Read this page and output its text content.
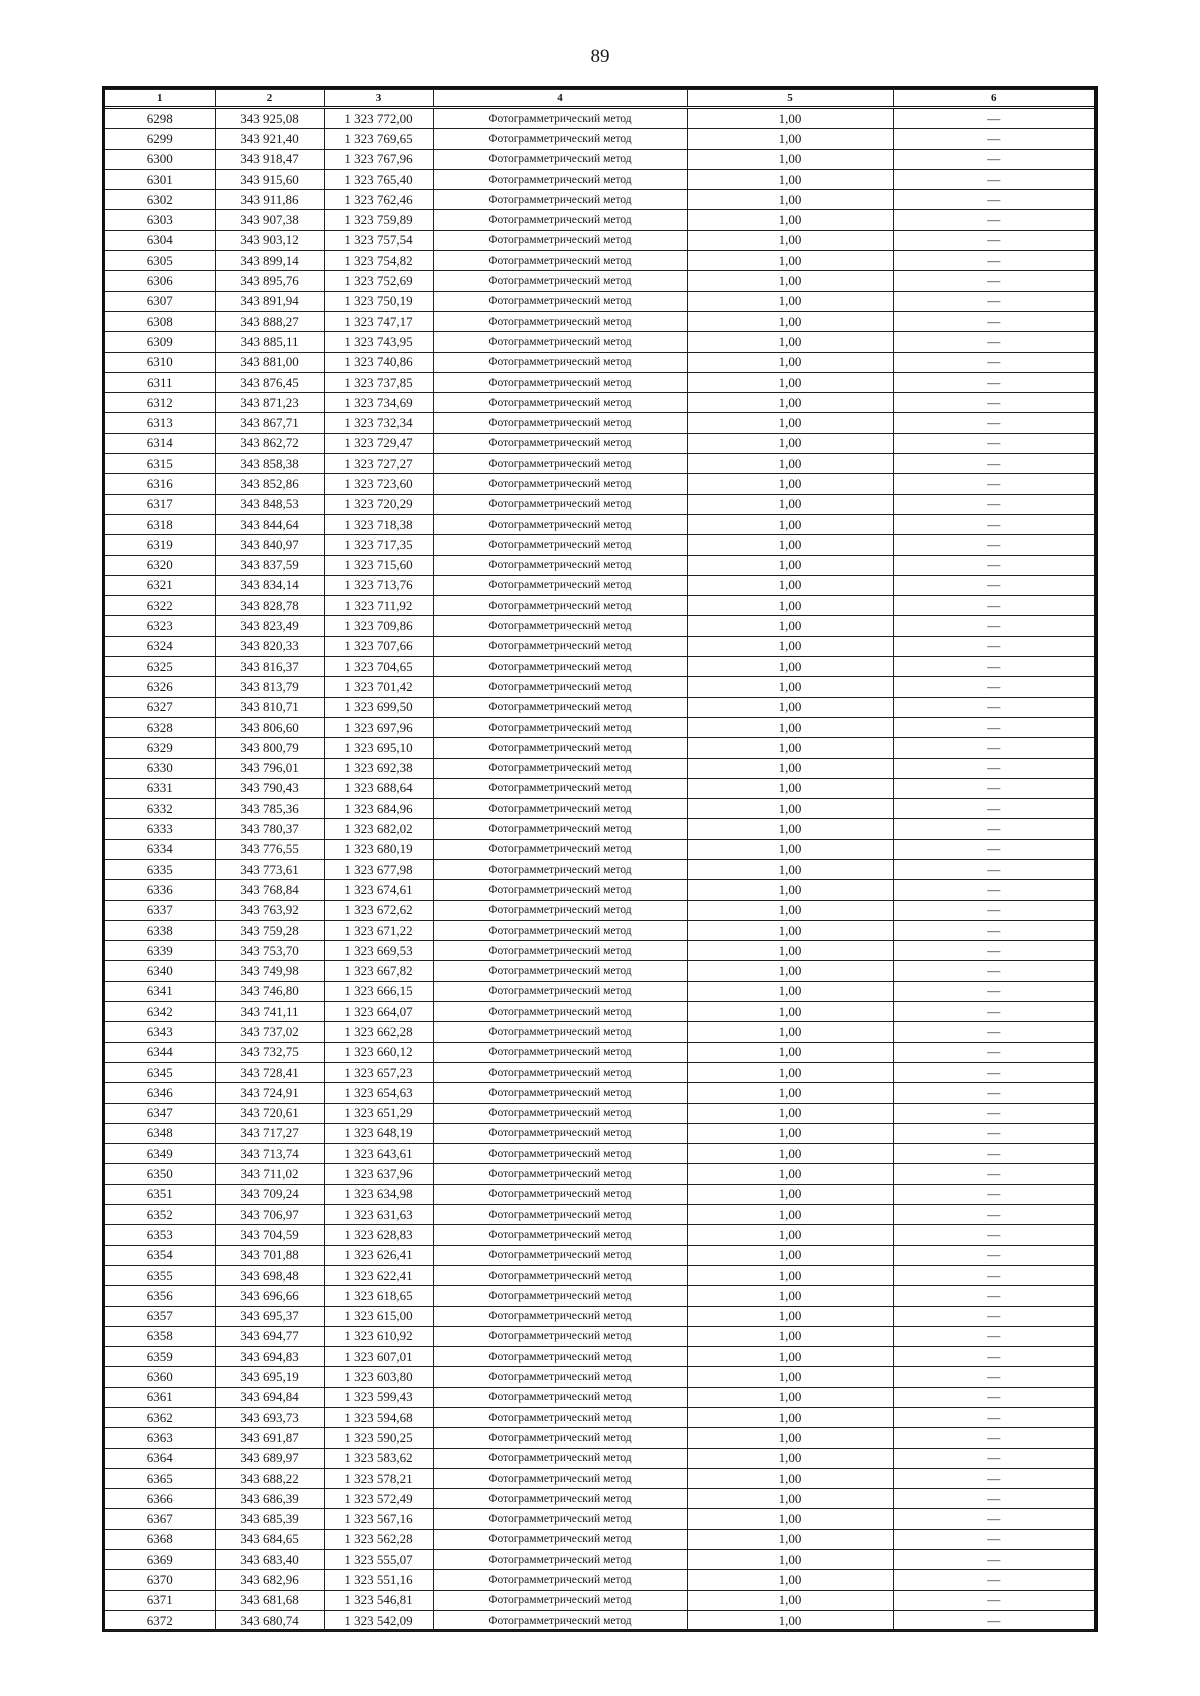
89
1	2	3	4	5	6
6298	343 925,08	1 323 772,00	Фотограмметрический метод	1,00	—
6299	343 921,40	1 323 769,65	Фотограмметрический метод	1,00	—
6300	343 918,47	1 323 767,96	Фотограмметрический метод	1,00	—
6301	343 915,60	1 323 765,40	Фотограмметрический метод	1,00	—
6302	343 911,86	1 323 762,46	Фотограмметрический метод	1,00	—
6303	343 907,38	1 323 759,89	Фотограмметрический метод	1,00	—
6304	343 903,12	1 323 757,54	Фотограмметрический метод	1,00	—
6305	343 899,14	1 323 754,82	Фотограмметрический метод	1,00	—
6306	343 895,76	1 323 752,69	Фотограмметрический метод	1,00	—
6307	343 891,94	1 323 750,19	Фотограмметрический метод	1,00	—
6308	343 888,27	1 323 747,17	Фотограмметрический метод	1,00	—
6309	343 885,11	1 323 743,95	Фотограмметрический метод	1,00	—
6310	343 881,00	1 323 740,86	Фотограмметрический метод	1,00	—
6311	343 876,45	1 323 737,85	Фотограмметрический метод	1,00	—
6312	343 871,23	1 323 734,69	Фотограмметрический метод	1,00	—
6313	343 867,71	1 323 732,34	Фотограмметрический метод	1,00	—
6314	343 862,72	1 323 729,47	Фотограмметрический метод	1,00	—
6315	343 858,38	1 323 727,27	Фотограмметрический метод	1,00	—
6316	343 852,86	1 323 723,60	Фотограмметрический метод	1,00	—
6317	343 848,53	1 323 720,29	Фотограмметрический метод	1,00	—
6318	343 844,64	1 323 718,38	Фотограмметрический метод	1,00	—
6319	343 840,97	1 323 717,35	Фотограмметрический метод	1,00	—
6320	343 837,59	1 323 715,60	Фотограмметрический метод	1,00	—
6321	343 834,14	1 323 713,76	Фотограмметрический метод	1,00	—
6322	343 828,78	1 323 711,92	Фотограмметрический метод	1,00	—
6323	343 823,49	1 323 709,86	Фотограмметрический метод	1,00	—
6324	343 820,33	1 323 707,66	Фотограмметрический метод	1,00	—
6325	343 816,37	1 323 704,65	Фотограмметрический метод	1,00	—
6326	343 813,79	1 323 701,42	Фотограмметрический метод	1,00	—
6327	343 810,71	1 323 699,50	Фотограмметрический метод	1,00	—
6328	343 806,60	1 323 697,96	Фотограмметрический метод	1,00	—
6329	343 800,79	1 323 695,10	Фотограмметрический метод	1,00	—
6330	343 796,01	1 323 692,38	Фотограмметрический метод	1,00	—
6331	343 790,43	1 323 688,64	Фотограмметрический метод	1,00	—
6332	343 785,36	1 323 684,96	Фотограмметрический метод	1,00	—
6333	343 780,37	1 323 682,02	Фотограмметрический метод	1,00	—
6334	343 776,55	1 323 680,19	Фотограмметрический метод	1,00	—
6335	343 773,61	1 323 677,98	Фотограмметрический метод	1,00	—
6336	343 768,84	1 323 674,61	Фотограмметрический метод	1,00	—
6337	343 763,92	1 323 672,62	Фотограмметрический метод	1,00	—
6338	343 759,28	1 323 671,22	Фотограмметрический метод	1,00	—
6339	343 753,70	1 323 669,53	Фотограмметрический метод	1,00	—
6340	343 749,98	1 323 667,82	Фотограмметрический метод	1,00	—
6341	343 746,80	1 323 666,15	Фотограмметрический метод	1,00	—
6342	343 741,11	1 323 664,07	Фотограмметрический метод	1,00	—
6343	343 737,02	1 323 662,28	Фотограмметрический метод	1,00	—
6344	343 732,75	1 323 660,12	Фотограмметрический метод	1,00	—
6345	343 728,41	1 323 657,23	Фотограмметрический метод	1,00	—
6346	343 724,91	1 323 654,63	Фотограмметрический метод	1,00	—
6347	343 720,61	1 323 651,29	Фотограмметрический метод	1,00	—
6348	343 717,27	1 323 648,19	Фотограмметрический метод	1,00	—
6349	343 713,74	1 323 643,61	Фотограмметрический метод	1,00	—
6350	343 711,02	1 323 637,96	Фотограмметрический метод	1,00	—
6351	343 709,24	1 323 634,98	Фотограмметрический метод	1,00	—
6352	343 706,97	1 323 631,63	Фотограмметрический метод	1,00	—
6353	343 704,59	1 323 628,83	Фотограмметрический метод	1,00	—
6354	343 701,88	1 323 626,41	Фотограмметрический метод	1,00	—
6355	343 698,48	1 323 622,41	Фотограмметрический метод	1,00	—
6356	343 696,66	1 323 618,65	Фотограмметрический метод	1,00	—
6357	343 695,37	1 323 615,00	Фотограмметрический метод	1,00	—
6358	343 694,77	1 323 610,92	Фотограмметрический метод	1,00	—
6359	343 694,83	1 323 607,01	Фотограмметрический метод	1,00	—
6360	343 695,19	1 323 603,80	Фотограмметрический метод	1,00	—
6361	343 694,84	1 323 599,43	Фотограмметрический метод	1,00	—
6362	343 693,73	1 323 594,68	Фотограмметрический метод	1,00	—
6363	343 691,87	1 323 590,25	Фотограмметрический метод	1,00	—
6364	343 689,97	1 323 583,62	Фотограмметрический метод	1,00	—
6365	343 688,22	1 323 578,21	Фотограмметрический метод	1,00	—
6366	343 686,39	1 323 572,49	Фотограмметрический метод	1,00	—
6367	343 685,39	1 323 567,16	Фотограмметрический метод	1,00	—
6368	343 684,65	1 323 562,28	Фотограмметрический метод	1,00	—
6369	343 683,40	1 323 555,07	Фотограмметрический метод	1,00	—
6370	343 682,96	1 323 551,16	Фотограмметрический метод	1,00	—
6371	343 681,68	1 323 546,81	Фотограмметрический метод	1,00	—
6372	343 680,74	1 323 542,09	Фотограмметрический метод	1,00	—
